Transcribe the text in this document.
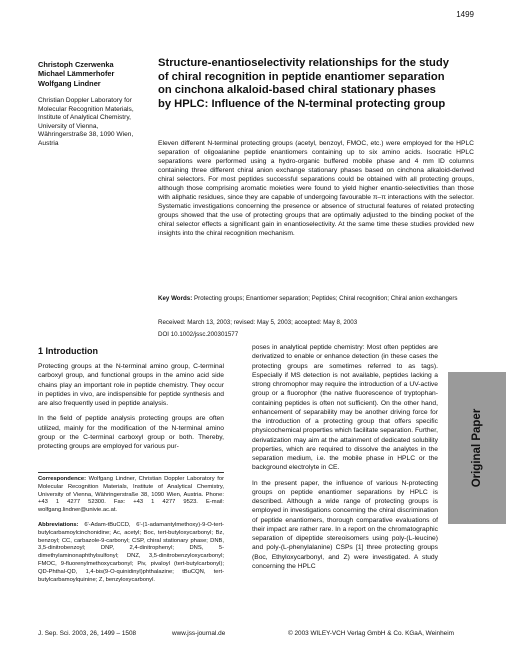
1499
Christoph Czerwenka
Michael Lämmerhofer
Wolfgang Lindner
Christian Doppler Laboratory for Molecular Recognition Materials, Institute of Analytical Chemistry, University of Vienna, Währingerstraße 38, 1090 Wien, Austria
Structure-enantioselectivity relationships for the study of chiral recognition in peptide enantiomer separation on cinchona alkaloid-based chiral stationary phases by HPLC: Influence of the N-terminal protecting group
Eleven different N-terminal protecting groups (acetyl, benzoyl, FMOC, etc.) were employed for the HPLC separation of oligoalanine peptide enantiomers containing up to six amino acids. Isocratic HPLC separations were performed using a hydro-organic buffered mobile phase and 4 mm ID columns containing three different chiral anion exchange stationary phases based on cinchona alkaloid-derived chiral selectors. For most peptides successful separations could be obtained with all protecting groups, although those comprising aromatic moieties were found to yield higher enantio-selectivities than those with aliphatic residues, since they are capable of undergoing favourable π–π interactions with the selector. Systematic investigations concerning the presence or absence of structural features of related protecting groups showed that the use of protecting groups that are optimally adjusted to the binding pocket of the chiral selector effects a significant gain in enantioselectivity. At the same time these studies provided new insights into the chiral recognition mechanism.
Key Words: Protecting groups; Enantiomer separation; Peptides; Chiral recognition; Chiral anion exchangers
Received: March 13, 2003; revised: May 5, 2003; accepted: May 8, 2003
DOI 10.1002/jssc.200301577
1 Introduction

Protecting groups at the N-terminal amino group, C-terminal carboxyl group, and functional groups in the amino acid side chains play an important role in peptide chemistry. They occur in peptides in vivo, are indispensible for peptide synthesis and are also frequently used in peptide analysis.

In the field of peptide analysis protecting groups are often utilized, mainly for the modification of the N-terminal amino group or the C-terminal carboxyl group or both. Thereby, protecting groups are employed for various pur-

Correspondence: Wolfgang Lindner, Christian Doppler Laboratory for Molecular Recognition Materials, Institute of Analytical Chemistry, University of Vienna, Währingerstraße 38, 1090 Wien, Austria. Phone: +43 1 4277 52300. Fax: +43 1 4277 9523. E-mail: wolfgang.lindner@univie.ac.at.
Abbreviations: 6'-Adam-tBuCCD, 6'-(1-adamantylmethoxy)-9-O-tert-butylcarbamoylcinchonidine; Ac, acetyl; Boc, tert-butyloxycarbonyl; Bz, benzoyl; CC, carbazole-9-carbonyl; CSP, chiral stationary phase; DNB, 3,5-dinitrobenzoyl; DNP, 2,4-dinitrophenyl; DNS, 5-dimethylaminonaphthylsulfonyl; DNZ, 3,5-dinitrobenzyloxycarbonyl; FMOC, 9-fluorenylmethoxycarbonyl; Piv, pivaloyl (tert-butylcarbonyl); QD-Phthal-QD, 1,4-bis(9-O-quinidinyl)phthalazine; tBuCQN, tert-butylcarbamoylquinine; Z, benzyloxycarbonyl.

poses in analytical peptide chemistry: Most often peptides are derivatized to enable or enhance detection (in these cases the protecting groups are sometimes referred to as tags). Especially if MS detection is not available, peptides lacking a strong chromophor may require the introduction of a UV-active group or a fluorophor (the native fluorescence of tryptophan-containing peptides is often not sufficient). On the other hand, enhancement of separability may be another driving force for the introduction of a protecting group that offers specific physicochemical properties which facilitate separation. Further, derivatization may aim at the attainment of dedicated solubility properties, which are required to dissolve the analytes in the separation medium, i.e. the mobile phase in HPLC or the background electrolyte in CE.

In the present paper, the influence of various N-protecting groups on peptide enantiomer separations by HPLC is described. Although a wide range of protecting groups is employed in investigations concerning the chiral discrimination of peptide enantiomers, thorough comparative evaluations of their impact are rather rare. In a report on the chromatographic separation of dipeptide stereoisomers using poly-(L-leucine) and poly-(L-phenylalanine) CSPs [1] three protecting groups (Boc, Ethyloxycarbonyl, and Z) were investigated. A study concerning the HPLC

Original Paper
J. Sep. Sci. 2003, 26, 1499 – 1508	www.jss-journal.de	© 2003 WILEY-VCH Verlag GmbH & Co. KGaA, Weinheim
